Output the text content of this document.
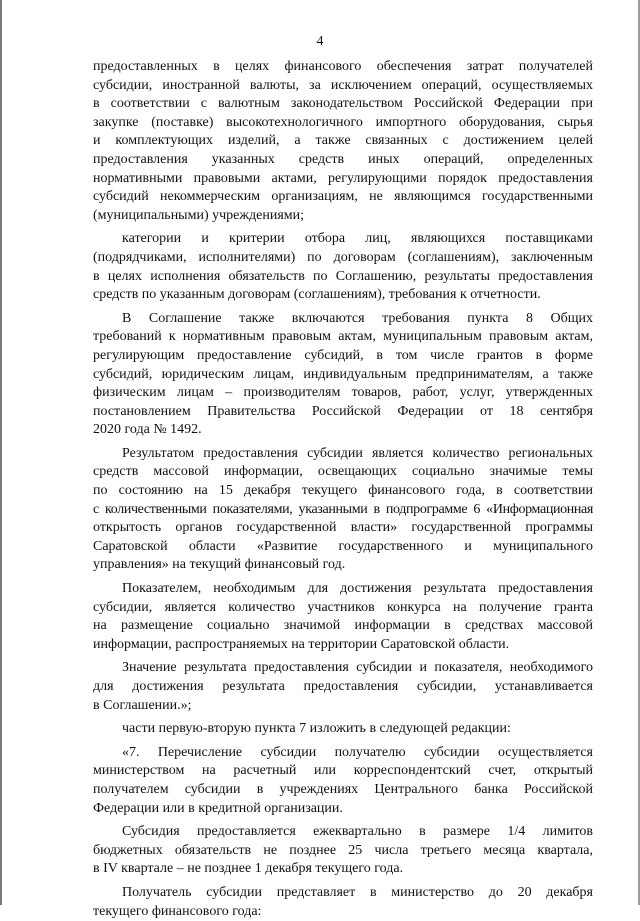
4

предоставленных в целях финансового обеспечения затрат получателей
субсидии, иностранной валюты, за исключением операций, осуществляемых
в соответствии с валютным законодательством Российской Федерации при
закупке (поставке) высокотехнологичного импортного оборудования, сырья
и комплектующих изделий, а также связанных с достижением целей
предоставления указанных средств иных операций, определенных
нормативными правовыми актами, регулирующими порядок предоставления
субсидий некоммерческим организациям, не являющимся государственными
(муниципальными) учреждениями;

категории и критерии отбора лиц, являющихся поставщиками
(подрядчиками, исполнителями) по договорам (соглашениям), заключенным
в целях исполнения обязательств по Соглашению, результаты предоставления
средств по указанным договорам (соглашениям), требования к отчетности.

В Соглашение также включаются требования пункта 8 Общих
требований к нормативным правовым актам, муниципальным правовым актам,
регулирующим предоставление субсидий, в том числе грантов в форме
субсидий, юридическим лицам, индивидуальным предпринимателям, а также
физическим лицам – производителям товаров, работ, услуг, утвержденных
постановлением Правительства Российской Федерации от 18 сентября
2020 года № 1492.

Результатом предоставления субсидии является количество региональных
средств массовой информации, освещающих социально значимые темы
по состоянию на 15 декабря текущего финансового года, в соответствии
с количественными показателями, указанными в подпрограмме 6 «Информационная
открытость органов государственной власти» государственной программы
Саратовской области «Развитие государственного и муниципального
управления» на текущий финансовый год.

Показателем, необходимым для достижения результата предоставления
субсидии, является количество участников конкурса на получение гранта
на размещение социально значимой информации в средствах массовой
информации, распространяемых на территории Саратовской области.

Значение результата предоставления субсидии и показателя, необходимого
для достижения результата предоставления субсидии, устанавливается
в Соглашении.»;

части первую-вторую пункта 7 изложить в следующей редакции:

«7. Перечисление субсидии получателю субсидии осуществляется
министерством на расчетный или корреспондентский счет, открытый
получателем субсидии в учреждениях Центрального банка Российской
Федерации или в кредитной организации.

Субсидия предоставляется ежеквартально в размере 1/4 лимитов
бюджетных обязательств не позднее 25 числа третьего месяца квартала,
в IV квартале – не позднее 1 декабря текущего года.

Получатель субсидии представляет в министерство до 20 декабря
текущего финансового года:
